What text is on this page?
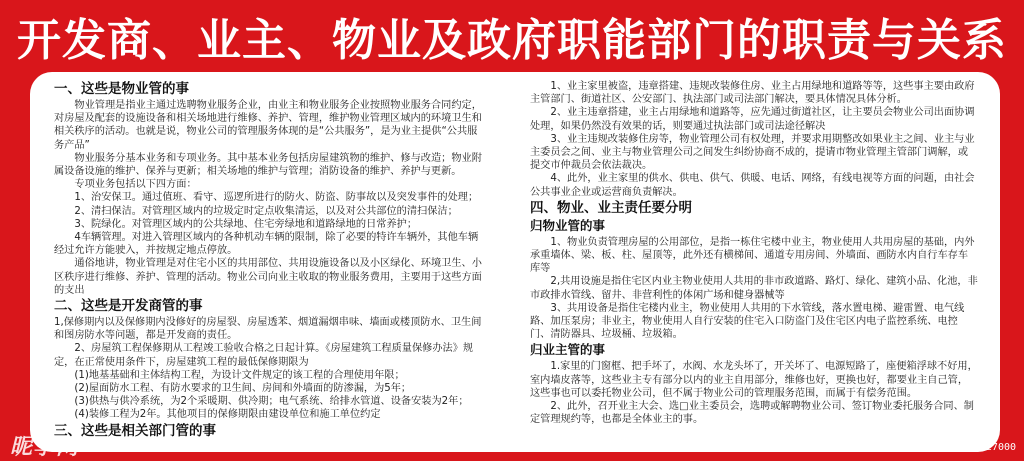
开发商、业主、物业及政府职能部门的职责与关系
一、这些是物业管的事

物业管理是指业主通过选聘物业服务企业，由业主和物业服务企业按照物业服务合同约定，对房屋及配套的设施设备和相关场地进行维修、养护、管理，维护物业管理区域内的环境卫生和相关秩序的活动。也就是说，物业公司的管理服务体现的是“公共服务”，是为业主提供“公共服务产品”

物业服务分基本业务和专项业务。其中基本业务包括房屋建筑物的维护、修与改造；物业附属设备设施的维护、保养与更新；相关场地的维护与管理；消防设备的维护、养护与更新。

专项业务包括以下四方面：

1、治安保卫。通过值班、看守、巡逻所进行的防火、防盗、防事故以及突发事件的处理；

2、清扫保洁。对管理区域内的垃圾定时定点收集清运，以及对公共部位的清扫保洁；

3、院绿化。对管理区域内的公共绿地、住宅旁绿地和道路绿地的日常养护；

4车辆管理。对进入管理区域内的各种机动车辆的限制，除了必要的特许车辆外，其他车辆经过允许方能驶入，并按规定地点停放。

通俗地讲，物业管理是对住宅小区的共用部位、共用设施设备以及小区绿化、环境卫生、小区秩序进行维修、养护、管理的活动。物业公司向业主收取的物业服务费用，主要用于这些方面的支出

二、这些是开发商管的事

1,保修期内以及保修期内没修好的房屋裂、房屋透苯、烟道漏烟串味、墙面或楼顶防水、卫生间和图房防水等问题，都是开发商的责任。

2、房屋筑工程保修期从工程竣工验收合格之日起计算。《房屋建筑工程质量保修办法》规定，在正常使用条件下，房屋建筑工程的最低保修期限为

(1)地基基础和主体结构工程，为设计文件规定的该工程的合理使用年限；

(2)屋面防水工程、有防水要求的卫生间、房间和外墙面的防渗漏，为5年；

(3)供热与供冷系统，为2个采暖期、供冷期；电气系统、给排水管道、设备安装为2年；

(4)装修工程为2年。其他项目的保修期限由建设单位和施工单位约定

三、这些是相关部门管的事

1、业主家里被盗，违章搭建、违规改装修住房、业主占用绿地和道路等等，这些事主要由政府主管部门、街道社区、公安部门、执法部门或司法部门解决，要具体情况具体分析。

2、业主违章搭建，业主占用绿地和道路等，应先通过街道社区，让主要员会物业公司出面协调处理，如果仍然没有效果的话，则要通过执法部门或司法途径解决

3、业主违规改装修住房等，物业管理公司有权处理，并要求用期整改如果业主之间、业主与业主委员会之间、业主与物业管理公司之间发生纠纷协商不成的，提请市物业管理主管部门调解，或提交市仲裁员会依法裁决。

4、此外，业主家里的供水、供电、供气、供暖、电话、网络，有线电视等方面的问题，由社会公共事业企业或运营商负责解决。

四、物业、业主责任要分明
归物业管的事

1、物业负责管理房屋的公用部位，是指一栋住宅楼中业主，物业使用人共用房屋的基础，内外承重墙体、梁、板、柱、屋顶等，此外还有横梯间、通道专用房间、外墙面、画防水内自行车存车库等

2,共用设施是指住宅区内业主物业使用人共用的非市政道路、路灯、绿化、建筑小品、化池，非市政排水管线、留井、非营利性的体闲广场和健身器械等

3、共用设备是指住宅楼内业主，物业使用人共用的下水管线，落水置电梯、避雷置、电气线路、加压泵房；非业主，物业使用人自行安装的住宅入口防盗门及住宅区内电子监控系统、电控门、清防器具、垃圾桶、垃圾箱。

归业主管的事

1.家里的门窗框、把手坏了，水阀、水龙头坏了，开关坏了、电源短路了，座便箱浮球不好用，室内墙皮落等，这些业主专有部分以内的业主自用部分，维修也好，更换也好，都要业主自己管，这些事也可以委托物业公司，但不属于物业公司的管理服务范围，而属于有偿务范围。

2、此外，召开业主大会、选□业主委员会，选聘或解聘物业公司、签订物业委托服务合同、制定管理规约等，也都是全体业主的事。

昵享网	ID:26529821 NO:20190606163037427000
